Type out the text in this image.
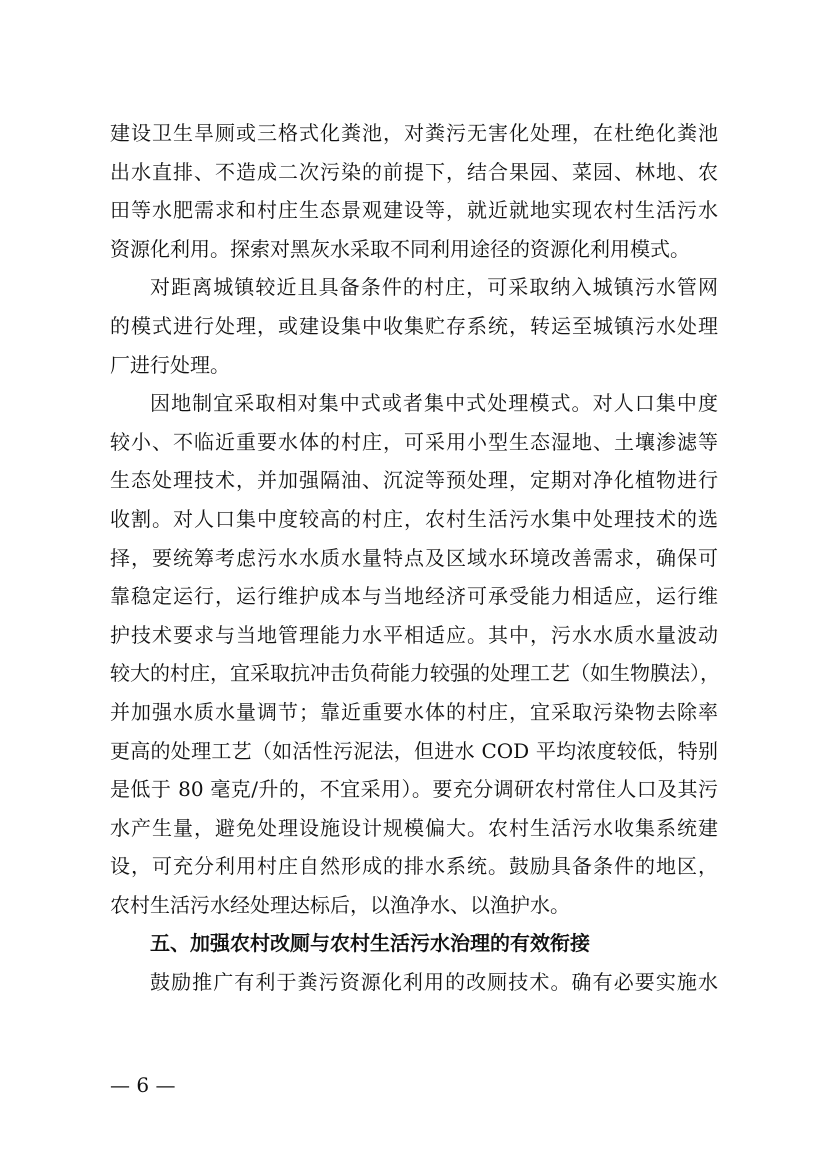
建设卫生旱厕或三格式化粪池，对粪污无害化处理，在杜绝化粪池
出水直排、不造成二次污染的前提下，结合果园、菜园、林地、农
田等水肥需求和村庄生态景观建设等，就近就地实现农村生活污水
资源化利用。探索对黑灰水采取不同利用途径的资源化利用模式。
对距离城镇较近且具备条件的村庄，可采取纳入城镇污水管网
的模式进行处理，或建设集中收集贮存系统，转运至城镇污水处理
厂进行处理。
因地制宜采取相对集中式或者集中式处理模式。对人口集中度
较小、不临近重要水体的村庄，可采用小型生态湿地、土壤渗滤等
生态处理技术，并加强隔油、沉淀等预处理，定期对净化植物进行
收割。对人口集中度较高的村庄，农村生活污水集中处理技术的选
择，要统筹考虑污水水质水量特点及区域水环境改善需求，确保可
靠稳定运行，运行维护成本与当地经济可承受能力相适应，运行维
护技术要求与当地管理能力水平相适应。其中，污水水质水量波动
较大的村庄，宜采取抗冲击负荷能力较强的处理工艺（如生物膜法），
并加强水质水量调节；靠近重要水体的村庄，宜采取污染物去除率
更高的处理工艺（如活性污泥法，但进水 COD 平均浓度较低，特别
是低于 80 毫克/升的，不宜采用）。要充分调研农村常住人口及其污
水产生量，避免处理设施设计规模偏大。农村生活污水收集系统建
设，可充分利用村庄自然形成的排水系统。鼓励具备条件的地区，
农村生活污水经处理达标后，以渔净水、以渔护水。
五、加强农村改厕与农村生活污水治理的有效衔接
鼓励推广有利于粪污资源化利用的改厕技术。确有必要实施水
— 6 —
